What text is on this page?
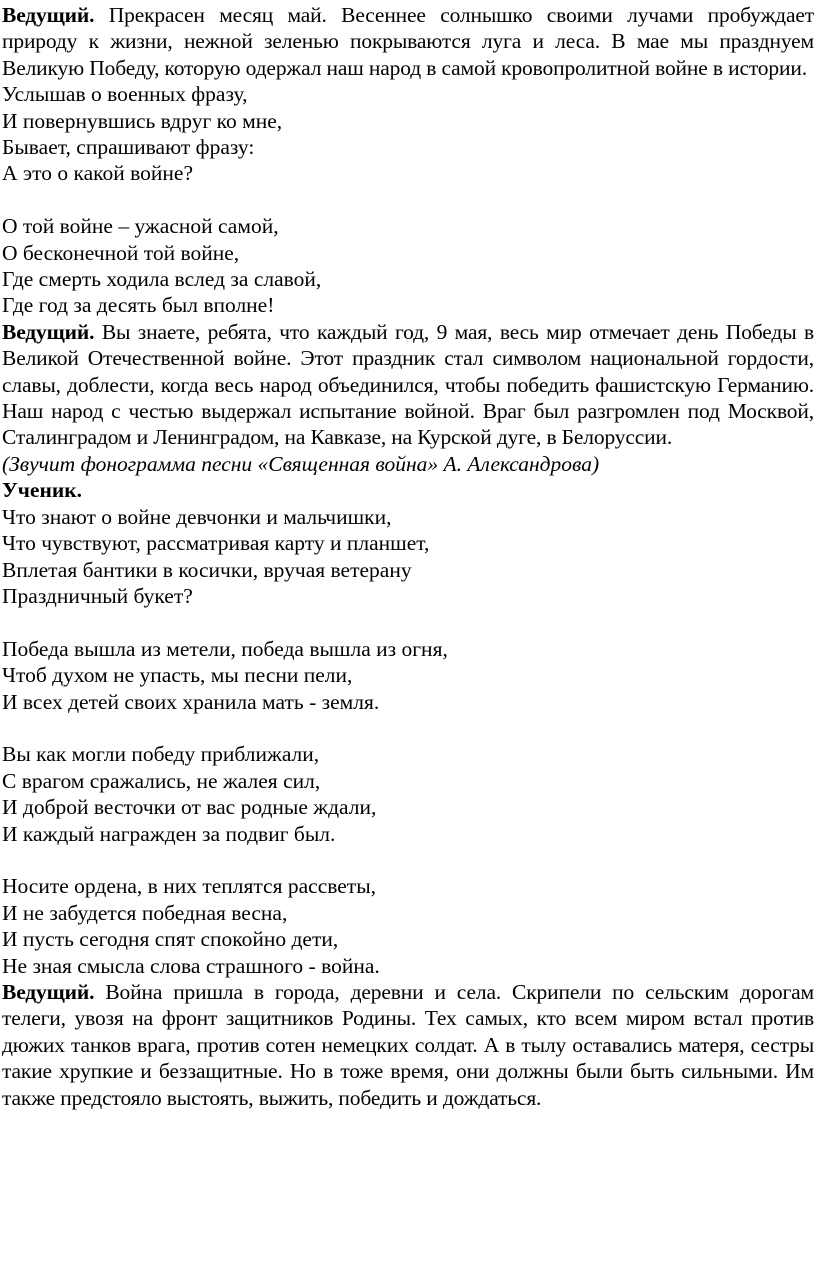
Ведущий. Прекрасен месяц май. Весеннее солнышко своими лучами пробуждает природу к жизни, нежной зеленью покрываются луга и леса. В мае мы празднуем Великую Победу, которую одержал наш народ в самой кровопролитной войне в истории.

Услышав о военных фразу,

И повернувшись вдруг ко мне,

Бывает, спрашивают фразу:

А это о какой войне?

О той войне – ужасной самой,

О бесконечной той войне,

Где смерть ходила вслед за славой,

Где год за десять был вполне!

Ведущий. Вы знаете, ребята, что каждый год, 9 мая, весь мир отмечает день Победы в Великой Отечественной войне. Этот праздник стал символом национальной гордости, славы, доблести, когда весь народ объединился, чтобы победить фашистскую Германию. Наш народ с честью выдержал испытание войной. Враг был разгромлен под Москвой, Сталинградом и Ленинградом, на Кавказе, на Курской дуге, в Белоруссии.

(Звучит фонограмма песни «Священная война» А. Александрова)

Ученик.

Что знают о войне девчонки и мальчишки,

Что чувствуют, рассматривая карту и планшет,

Вплетая бантики в косички, вручая ветерану

Праздничный букет?

Победа вышла из метели, победа вышла из огня,

Чтоб духом не упасть, мы песни пели,

И всех детей своих хранила мать - земля.

Вы как могли победу приближали,

С врагом сражались, не жалея сил,

И доброй весточки от вас родные ждали,

И каждый награжден за подвиг был.

Носите ордена, в них теплятся рассветы,

И не забудется победная весна,

И пусть сегодня спят спокойно дети,

Не зная смысла слова страшного - война.

Ведущий. Война пришла в города, деревни и села. Скрипели по сельским дорогам телеги, увозя на фронт защитников Родины. Тех самых, кто всем миром встал против дюжих танков врага, против сотен немецких солдат. А в тылу оставались матеря, сестры такие хрупкие и беззащитные. Но в тоже время, они должны были быть сильными. Им также предстояло выстоять, выжить, победить и дождаться.
